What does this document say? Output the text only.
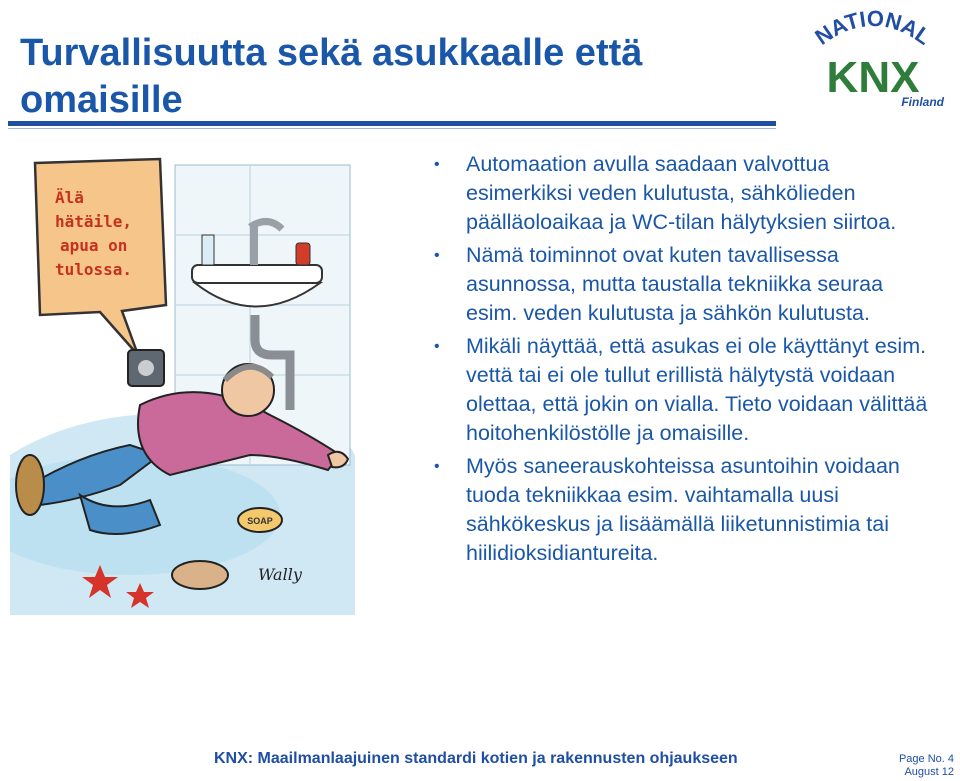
Turvallisuutta sekä asukkaalle että omaisille
NATIONAL
KNX
Finland
Älä hätäile, apua on tulossa.
SOAP
Wally
• Automaation avulla saadaan valvottua esimerkiksi veden kulutusta, sähkölieden päälläoloaikaa ja WC-tilan hälytyksien siirtoa.
• Nämä toiminnot ovat kuten tavallisessa asunnossa, mutta taustalla tekniikka seuraa esim. veden kulutusta ja sähkön kulutusta.
• Mikäli näyttää, että asukas ei ole käyttänyt esim. vettä tai ei ole tullut erillistä hälytystä voidaan olettaa, että jokin on vialla. Tieto voidaan välittää hoitohenkilöstölle ja omaisille.
• Myös saneerauskohteissa asuntoihin voidaan tuoda tekniikkaa esim. vaihtamalla uusi sähkökeskus ja lisäämällä liiketunnistimia tai hiilidioksidiantureita.
KNX: Maailmanlaajuinen standardi kotien ja rakennusten ohjaukseen	Page No. 4
August 12
